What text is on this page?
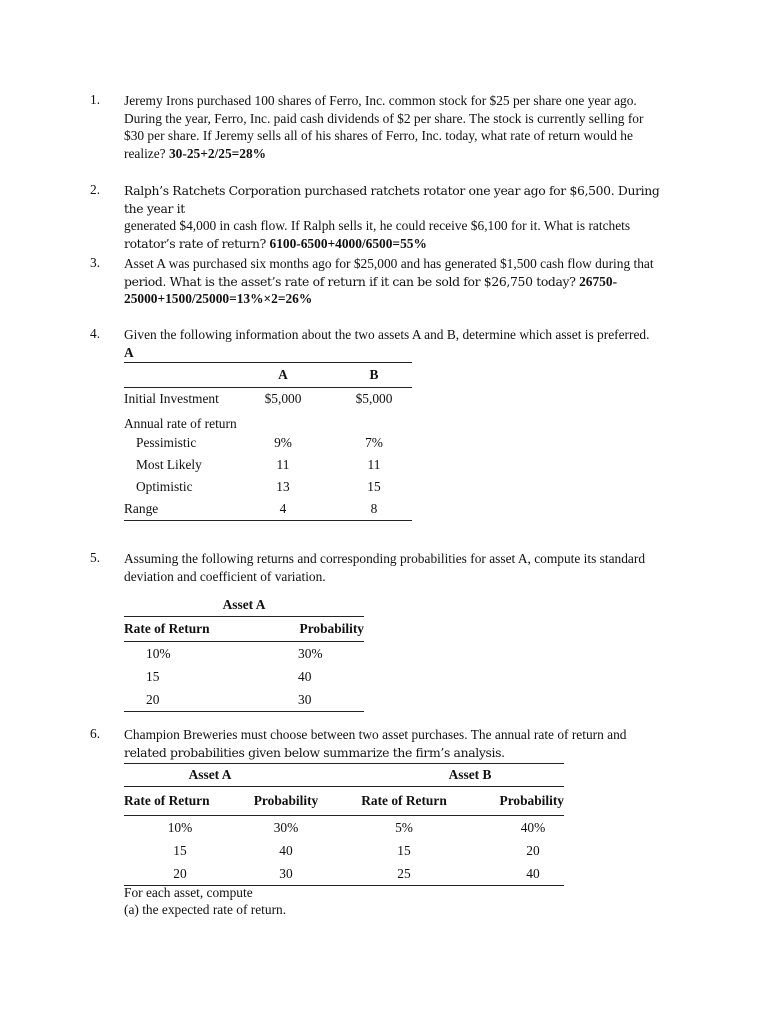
1. Jeremy Irons purchased 100 shares of Ferro, Inc. common stock for $25 per share one year ago.

During the year, Ferro, Inc. paid cash dividends of $2 per share. The stock is currently selling for

$30 per share. If Jeremy sells all of his shares of Ferro, Inc. today, what rate of return would he

realize? 30-25+2/25=28%

2. Ralph’s Ratchets Corporation purchased ratchets rotator one year ago for $6,500. During the year it

generated $4,000 in cash flow. If Ralph sells it, he could receive $6,100 for it. What is ratchets

rotator’s rate of return? 6100-6500+4000/6500=55%

3. Asset A was purchased six months ago for $25,000 and has generated $1,500 cash flow during that

period. What is the asset’s rate of return if it can be sold for $26,750 today? 26750-

25000+1500/25000=13%×2=26%

4. Given the following information about the two assets A and B, determine which asset is preferred.

A

	A	B
Initial Investment	$5,000	$5,000
Annual rate of return		
Pessimistic	9%	7%
Most Likely	11	11
Optimistic	13	15
Range	4	8
5. Assuming the following returns and corresponding probabilities for asset A, compute its standard

deviation and coefficient of variation.

Asset A	
Rate of Return	Probability
10%	30%
15	40
20	30
6. Champion Breweries must choose between two asset purchases. The annual rate of return and

related probabilities given below summarize the firm’s analysis.

Asset A		Asset B	
Rate of Return	Probability	Rate of Return	Probability
10%	30%	5%	40%
15	40	15	20
20	30	25	40
For each asset, compute
(a) the expected rate of return.
